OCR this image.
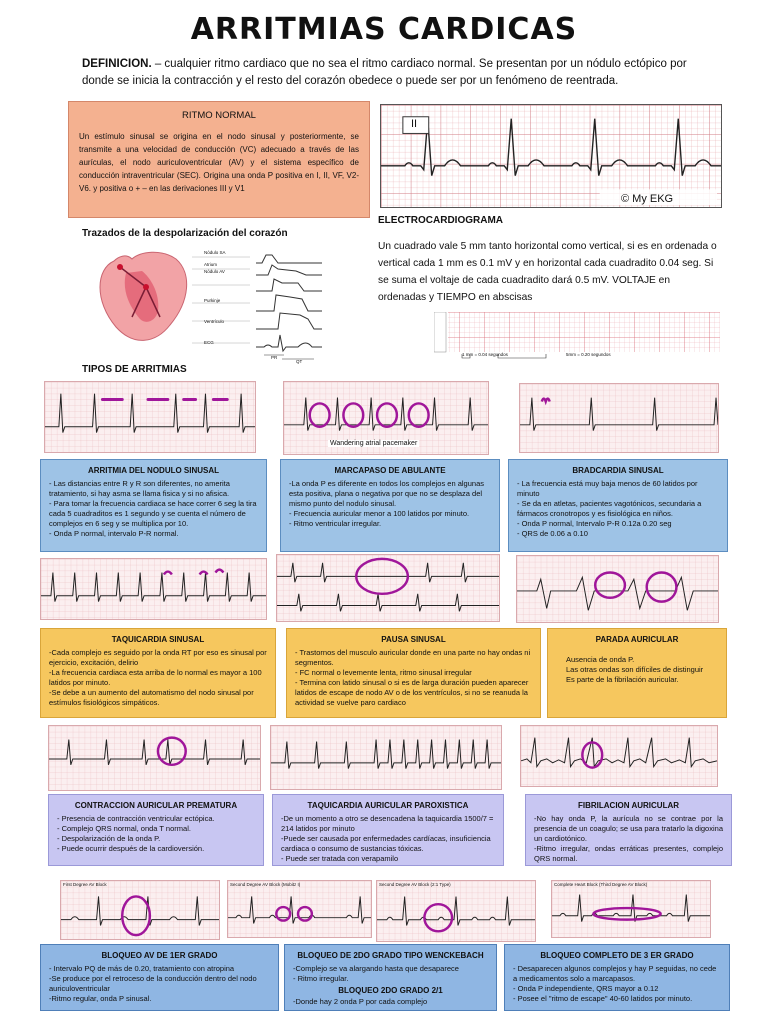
ARRITMIAS CARDICAS
DEFINICION. – cualquier ritmo cardiaco que no sea el ritmo cardiaco normal. Se presentan por un nódulo ectópico por donde se inicia la contracción y el resto del corazón obedece o puede ser por un fenómeno de reentrada.
RITMO NORMAL

Un estímulo sinusal se origina en el nodo sinusal y posteriormente, se transmite a una velocidad de conducción (VC) adecuado a través de las aurículas, el nodo auriculoventricular (AV) y el sistema específico de conducción intraventricular (SEC). Origina una onda P positiva en I, II, VF, V2-V6. y positiva o + – en las derivaciones III y V1

II
© My EKG
ELECTROCARDIOGRAMA
Un cuadrado vale 5 mm tanto horizontal como vertical, si es en ordenada o vertical cada 1 mm es 0.1 mV y en horizontal cada cuadradito 0.04 seg. Si se suma el voltaje de cada cuadradito dará 0.5 mV. VOLTAJE en ordenadas y TIEMPO en abscisas
1 mm = 0.04 segundos	5mm = 0.20 segundos
Trazados de la despolarización del corazón
Nódulo SA
Atrium
Nódulo AV
Purkinje
Ventrículo
ECG
PR
QT
TIPOS DE ARRITMIAS
Wandering atrial pacemaker
ARRITMIA DEL NODULO SINUSAL

- Las distancias entre R y R son diferentes, no amerita tratamiento, si hay asma se llama fisica y si no afisica.

- Para tomar la frecuencia cardiaca se hace correr 6 seg la tira cada 5 cuadraditos es 1 segundo y se cuenta el número de complejos en 6 seg y se multiplica por 10.

- Onda P normal, intervalo P-R normal.

MARCAPASO DE ABULANTE

-La onda P es diferente en todos los complejos en algunas esta positiva, plana o negativa por que no se desplaza del mismo punto del nodulo sinusal.

- Frecuencia auricular menor a 100 latidos por minuto.

- Ritmo ventricular irregular.

BRADCARDIA SINUSAL

- La frecuencia está muy baja menos de 60 latidos por minuto

- Se da en atletas, pacientes vagotónicos, secundaria a fármacos cronotropos y es fisiológica en niños.

- Onda P normal, Intervalo P-R 0.12a 0.20 seg

- QRS de 0.06 a 0.10

TAQUICARDIA SINUSAL

-Cada complejo es seguido por la onda RT por eso es sinusal por ejercicio, excitación, delirio

-La frecuencia cardiaca esta arriba de lo normal es mayor a 100 latidos por minuto.

-Se debe a un aumento del automatismo del nodo sinusal por estímulos fisiológicos simpáticos.

PAUSA SINUSAL

- Trastornos del musculo auricular donde en una parte no hay ondas ni segmentos.

- FC normal o levemente lenta, ritmo sinusal irregular

- Termina con latido sinusal o si es de larga duración pueden aparecer latidos de escape de nodo AV o de los ventrículos, si no se reanuda la actividad se vuelve paro cardiaco

PARADA AURICULAR

Ausencia de onda P.

Las otras ondas son difíciles de distinguir

Es parte de la fibrilación auricular.

CONTRACCION AURICULAR PREMATURA

- Presencia de contracción ventricular ectópica.

- Complejo QRS normal, onda T normal.

- Despolarización de la onda P.

- Puede ocurrir después de la cardioversión.

TAQUICARDIA AURICULAR PAROXISTICA

-De un momento a otro se desencadena la taquicardia 1500/7 = 214 latidos por minuto

-Puede ser causada por enfermedades cardíacas, insuficiencia cardiaca o consumo de sustancias tóxicas.

- Puede ser tratada con verapamilo

FIBRILACION AURICULAR

-No hay onda P, la aurícula no se contrae por la presencia de un coagulo; se usa para tratarlo la digoxina un cardiotónico.

-Ritmo irregular, ondas erráticas presentes, complejo QRS normal.

First Degree AV Block	Second Degree AV Block (Mobitz I)	Second Degree AV Block (2:1 Type)	Complete Heart Block (Third Degree AV Block)
BLOQUEO AV DE 1ER GRADO

- Intervalo PQ de más de 0.20, tratamiento con atropina

-Se produce por el retroceso de la conducción dentro del nodo auriculoventricular

-Ritmo regular, onda P sinusal.

BLOQUEO DE 2DO GRADO TIPO WENCKEBACH

-Complejo se va alargando hasta que desaparece

- Ritmo irregular.

BLOQUEO 2DO GRADO 2/1

-Donde hay 2 onda P por cada complejo

BLOQUEO COMPLETO DE 3 ER GRADO

- Desaparecen algunos complejos y hay P seguidas, no cede a medicamentos solo a marcapasos.

- Onda P independiente, QRS mayor a 0.12

- Posee el "ritmo de escape" 40-60 latidos por minuto.
